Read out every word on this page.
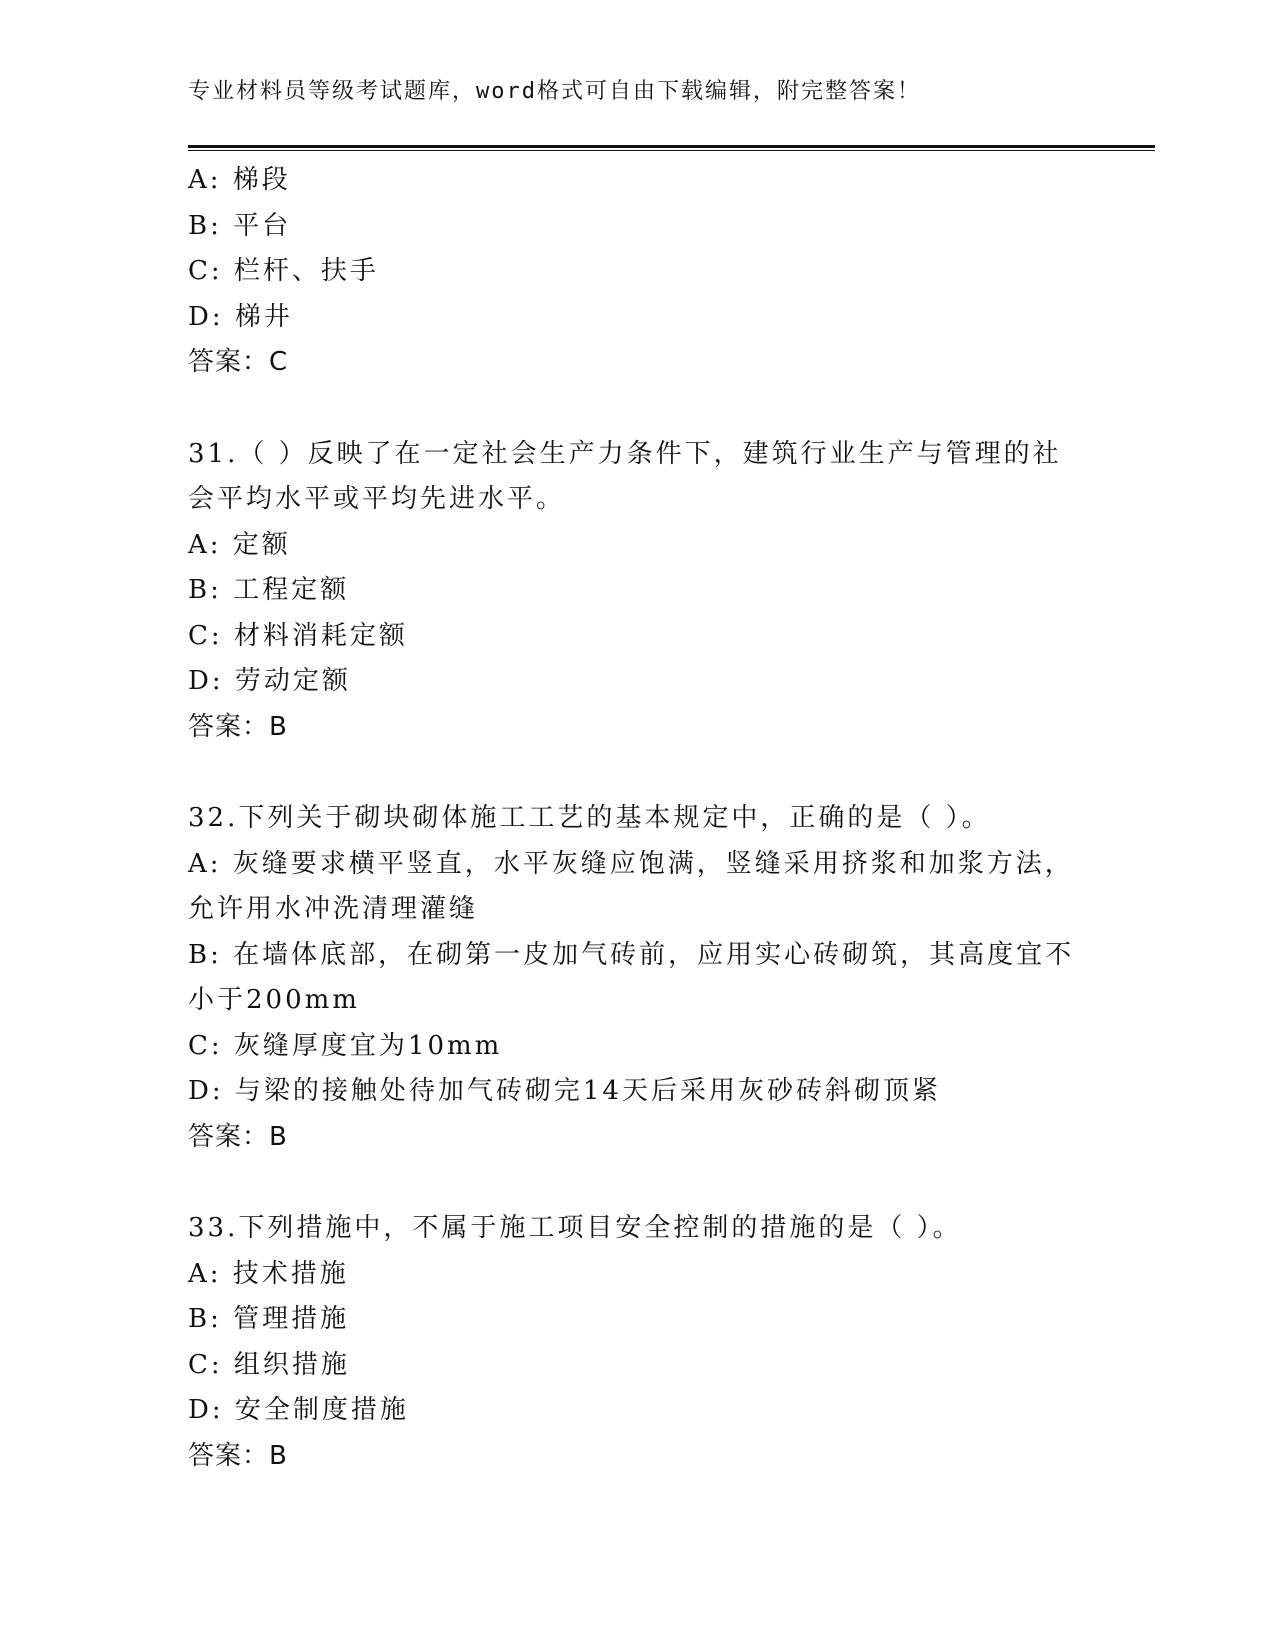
专业材料员等级考试题库，word格式可自由下载编辑，附完整答案！
A: 梯段
B: 平台
C: 栏杆、扶手
D: 梯井
答案：C
31.（ ）反映了在一定社会生产力条件下，建筑行业生产与管理的社
会平均水平或平均先进水平。
A: 定额
B: 工程定额
C: 材料消耗定额
D: 劳动定额
答案：B
32.下列关于砌块砌体施工工艺的基本规定中，正确的是（ ）。
A: 灰缝要求横平竖直，水平灰缝应饱满，竖缝采用挤浆和加浆方法，
允许用水冲洗清理灌缝
B: 在墙体底部，在砌第一皮加气砖前，应用实心砖砌筑，其高度宜不
小于200mm
C: 灰缝厚度宜为10mm
D: 与梁的接触处待加气砖砌完14天后采用灰砂砖斜砌顶紧
答案：B
33.下列措施中，不属于施工项目安全控制的措施的是（ ）。
A: 技术措施
B: 管理措施
C: 组织措施
D: 安全制度措施
答案：B
